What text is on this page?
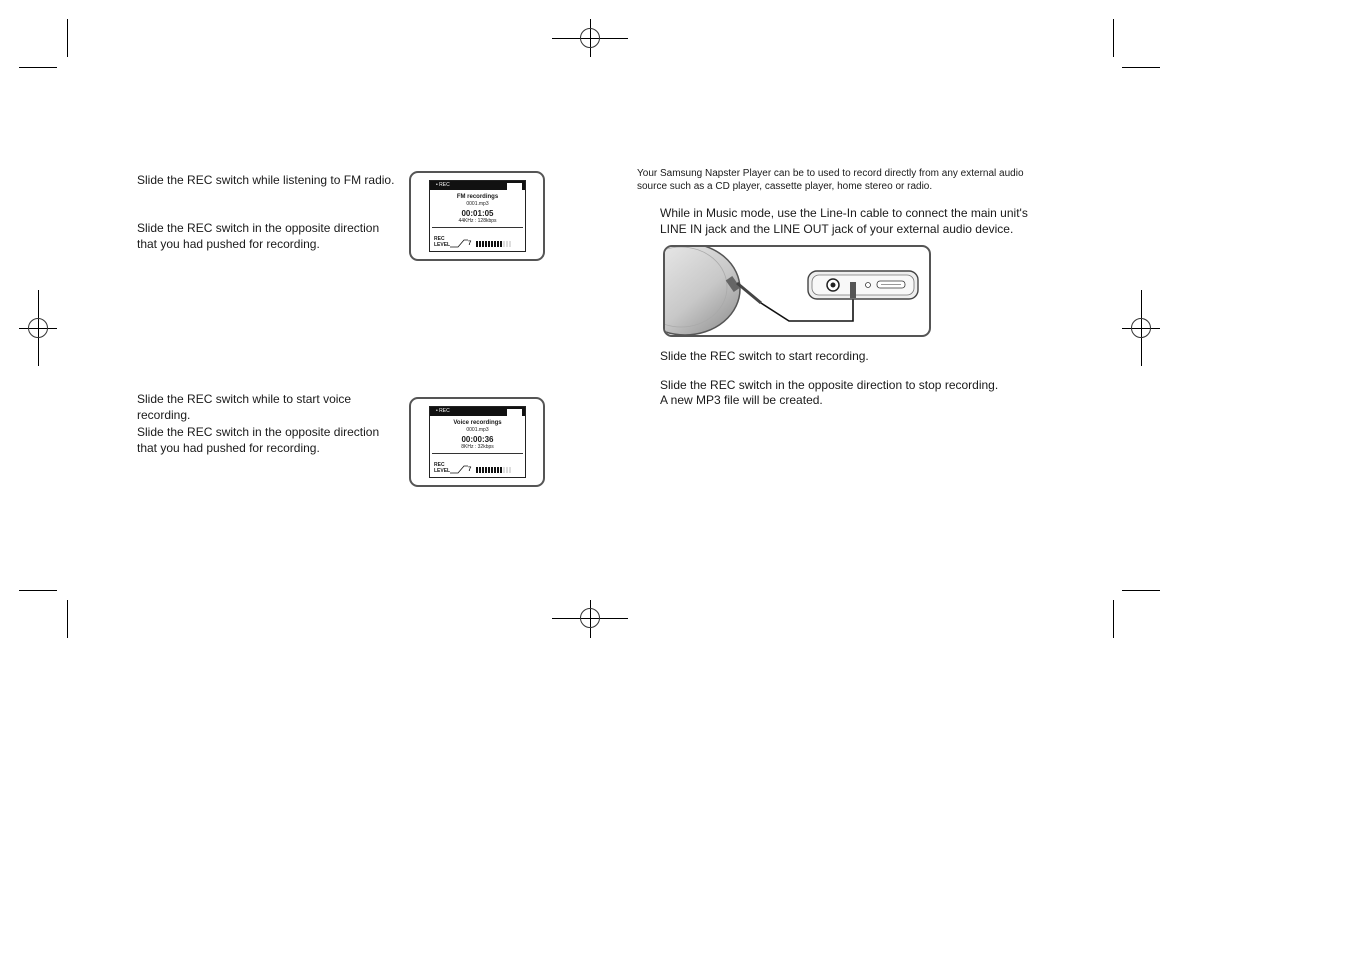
Slide the REC switch while listening to FM radio.
Slide the REC switch in the opposite direction that you had pushed for recording.
• REC
FM recordings
0001.mp3
00:01:05
44KHz : 128kbps
REC
LEVEL	7
Slide the REC switch while to start voice recording.
Slide the REC switch in the opposite direction that you had pushed for recording.
• REC
Voice recordings
0001.mp3
00:00:36
8KHz : 32kbps
REC
LEVEL	7
Your Samsung Napster Player can be to used to record directly from any external audio source such as a CD player, cassette player, home stereo or radio.
While in Music mode, use the Line-In cable to connect the main unit's LINE IN jack and the LINE OUT jack of your external audio device.
Slide the REC switch to start recording.
Slide the REC switch in the opposite direction to stop recording.
A new MP3 file will be created.
